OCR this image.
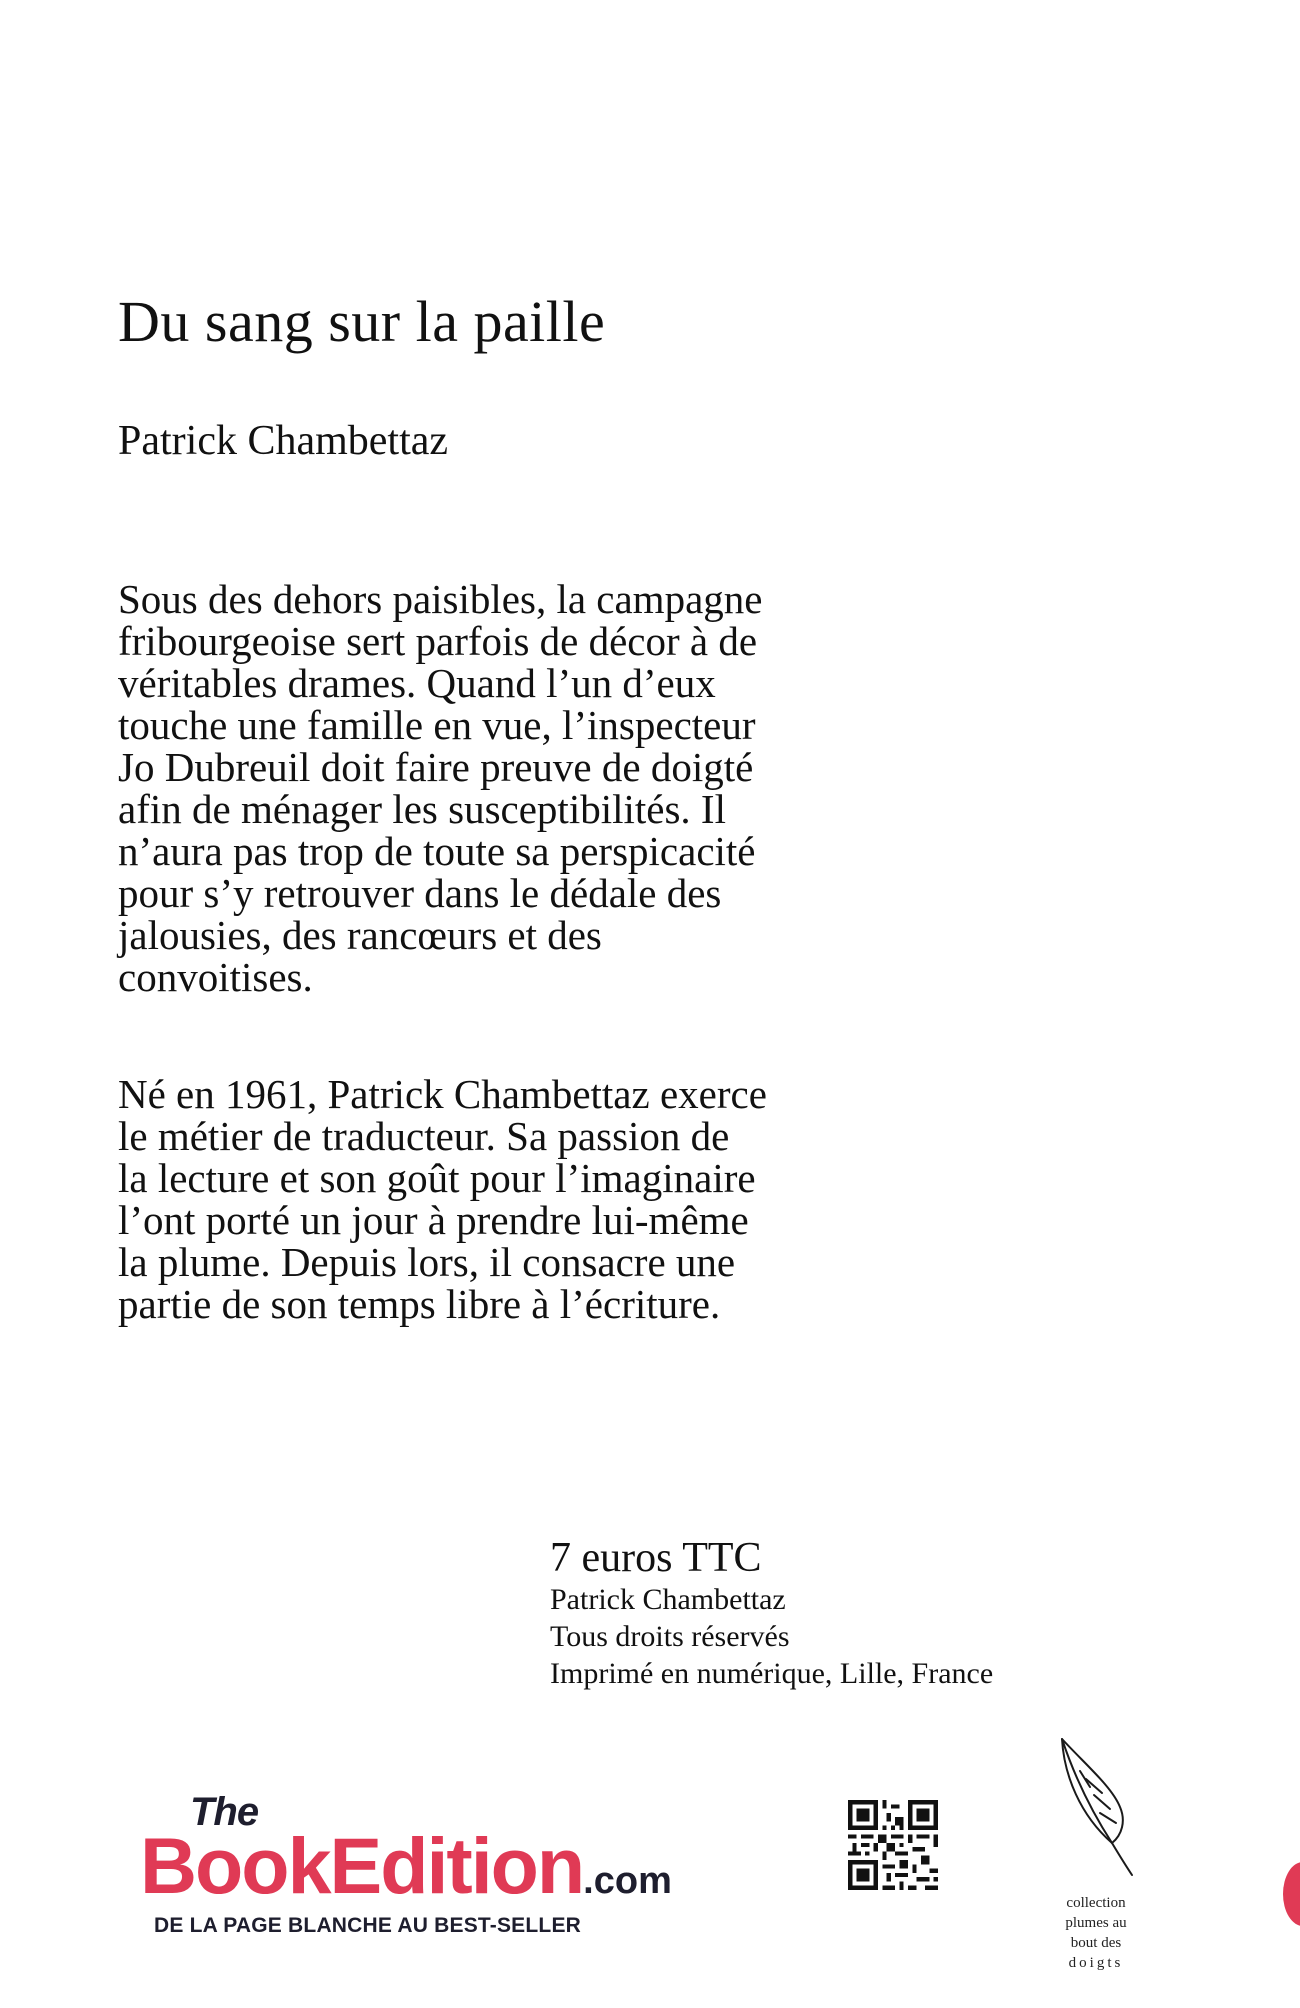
Du sang sur la paille
Patrick Chambettaz
Sous des dehors paisibles, la campagne
fribourgeoise sert parfois de décor à de
véritables drames. Quand l’un d’eux
touche une famille en vue, l’inspecteur
Jo Dubreuil doit faire preuve de doigté
afin de ménager les susceptibilités. Il
n’aura pas trop de toute sa perspicacité
pour s’y retrouver dans le dédale des
jalousies, des rancœurs et des
convoitises.
Né en 1961, Patrick Chambettaz exerce
le métier de traducteur. Sa passion de
la lecture et son goût pour l’imaginaire
l’ont porté un jour à prendre lui-même
la plume. Depuis lors, il consacre une
partie de son temps libre à l’écriture.
7 euros TTC
Patrick Chambettaz
Tous droits réservés
Imprimé en numérique, Lille, France
The
BookEdition.com
DE LA PAGE BLANCHE AU BEST-SELLER
collection
plumes au
bout des
doigts
